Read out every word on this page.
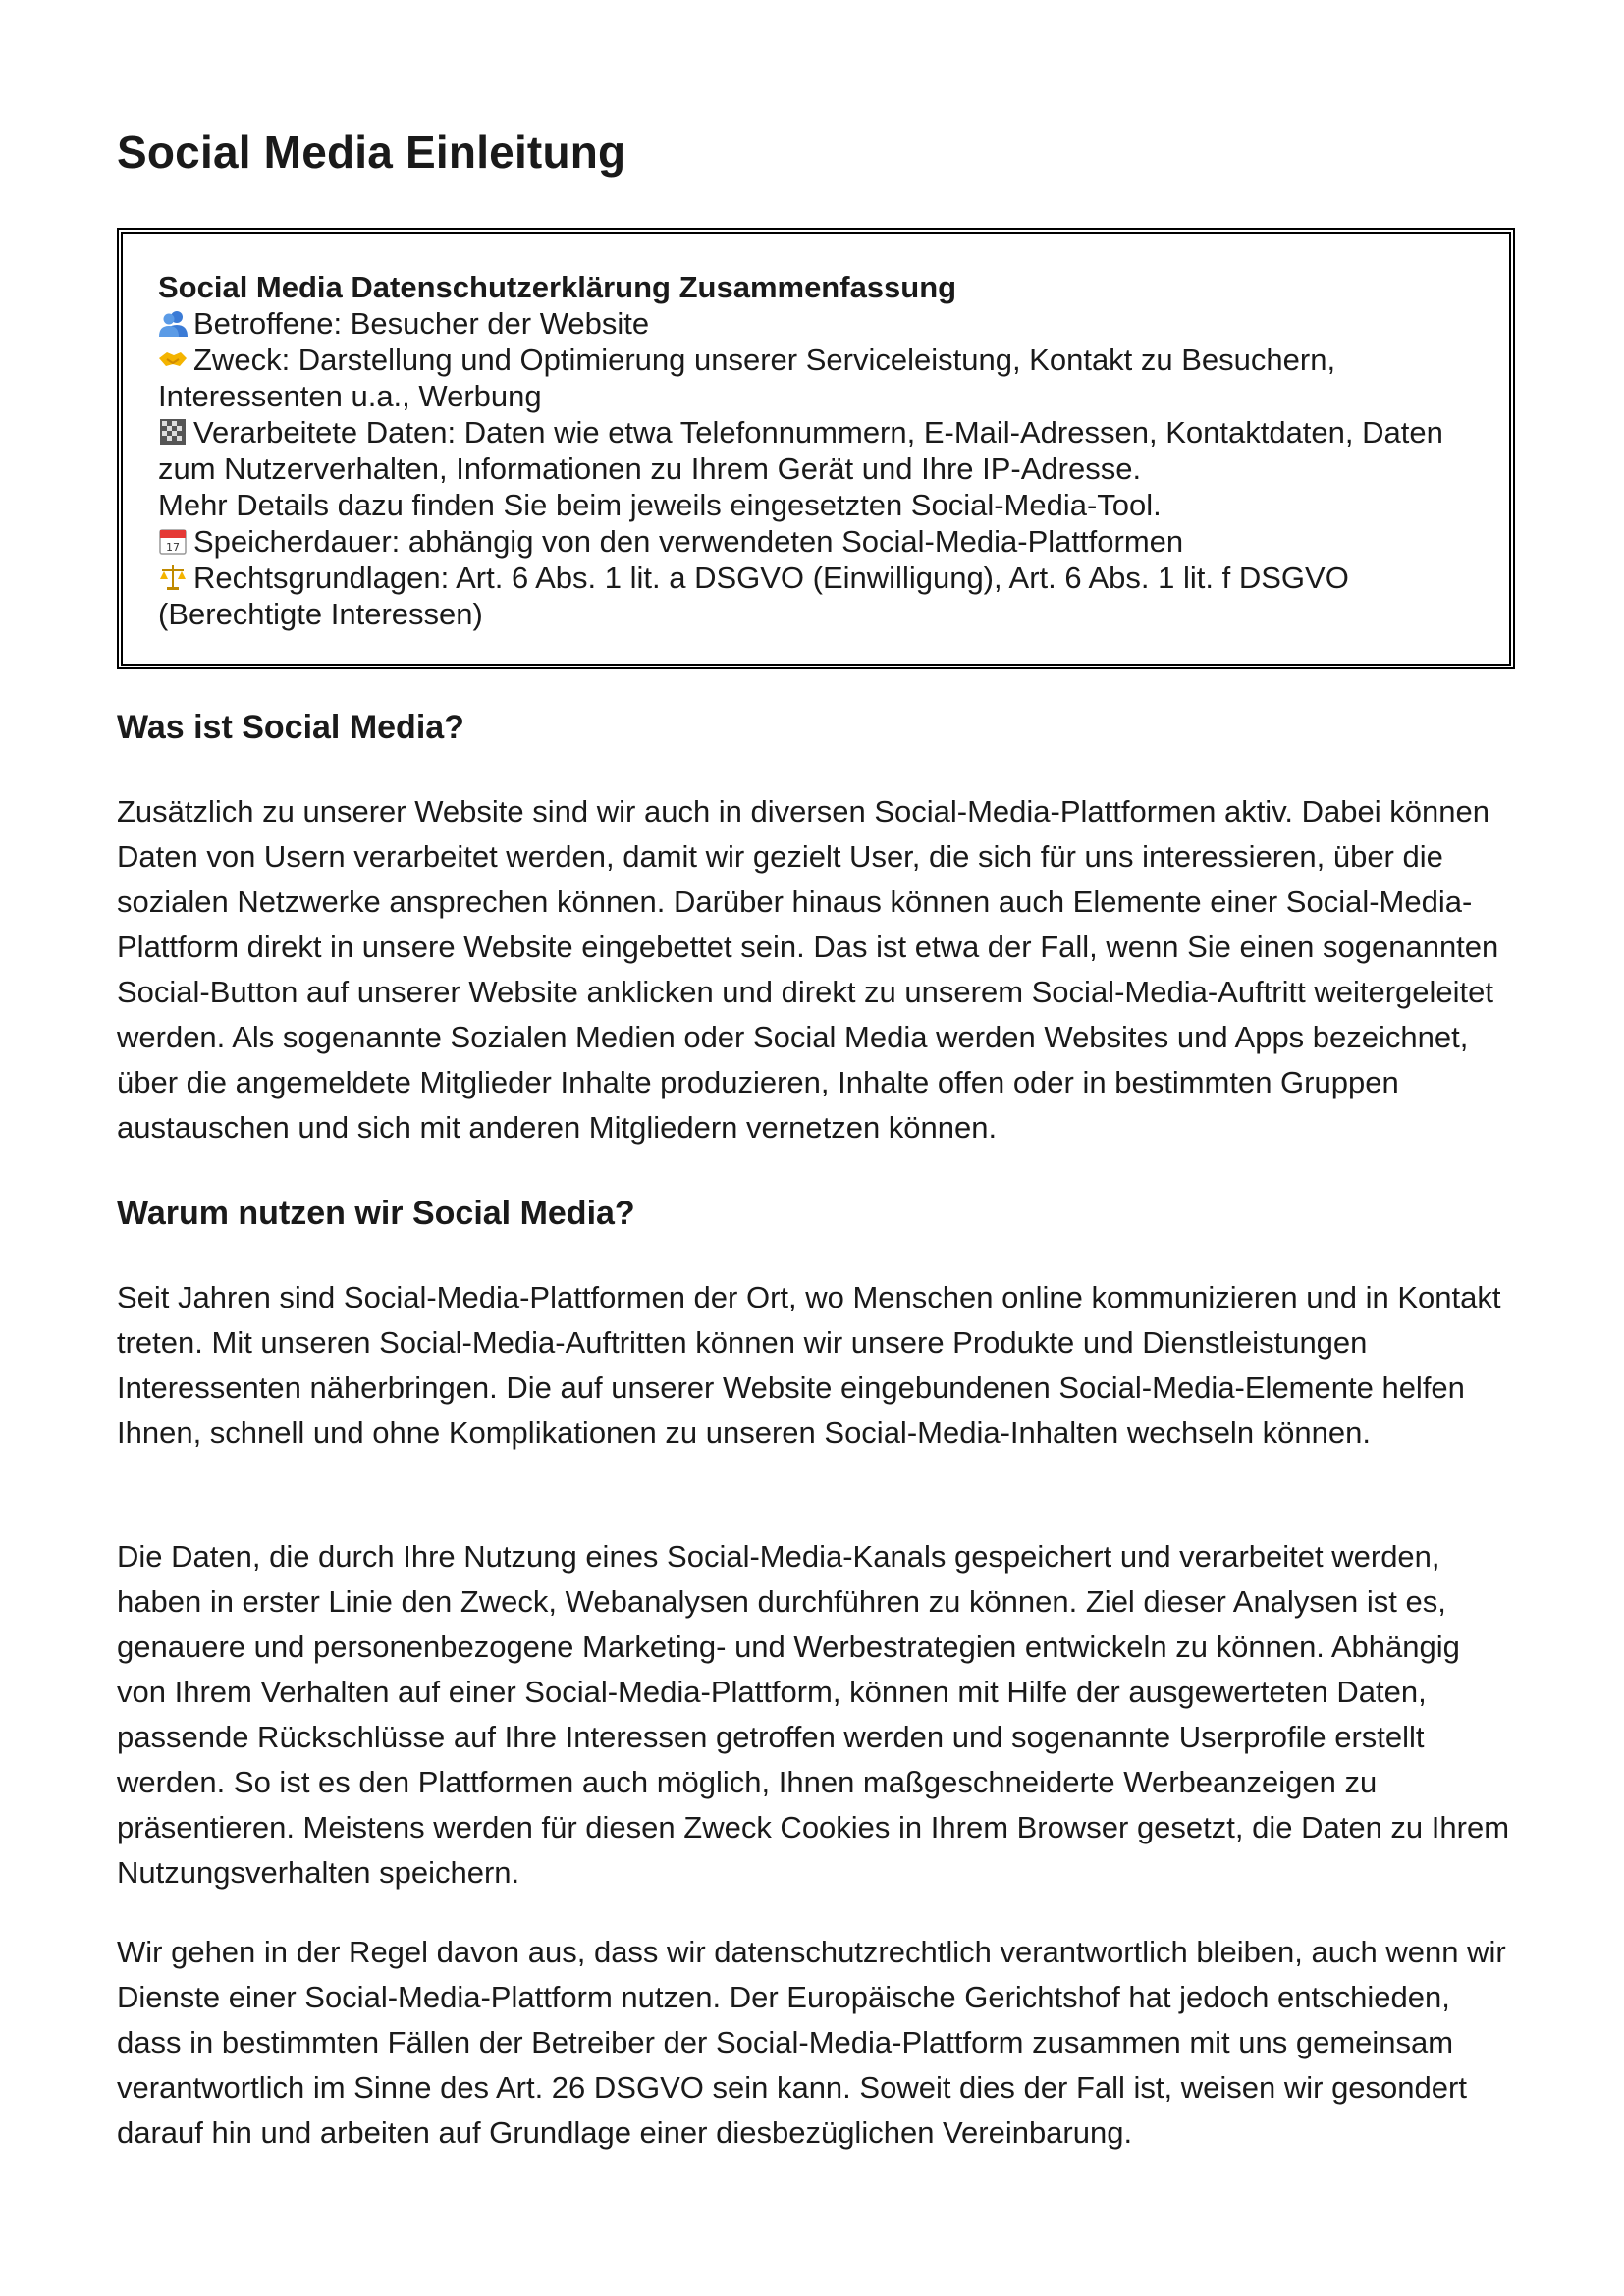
Social Media Einleitung
Social Media Datenschutzerklärung Zusammenfassung
Betroffene: Besucher der Website
Zweck: Darstellung und Optimierung unserer Serviceleistung, Kontakt zu Besuchern, Interessenten u.a., Werbung
Verarbeitete Daten: Daten wie etwa Telefonnummern, E-Mail-Adressen, Kontaktdaten, Daten zum Nutzerverhalten, Informationen zu Ihrem Gerät und Ihre IP-Adresse.
Mehr Details dazu finden Sie beim jeweils eingesetzten Social-Media-Tool.
17 Speicherdauer: abhängig von den verwendeten Social-Media-Plattformen
Rechtsgrundlagen: Art. 6 Abs. 1 lit. a DSGVO (Einwilligung), Art. 6 Abs. 1 lit. f DSGVO (Berechtigte Interessen)
Was ist Social Media?

Zusätzlich zu unserer Website sind wir auch in diversen Social-Media-Plattformen aktiv. Dabei können Daten von Usern verarbeitet werden, damit wir gezielt User, die sich für uns interessieren, über die sozialen Netzwerke ansprechen können. Darüber hinaus können auch Elemente einer Social-Media-Plattform direkt in unsere Website eingebettet sein. Das ist etwa der Fall, wenn Sie einen sogenannten Social-Button auf unserer Website anklicken und direkt zu unserem Social-Media-Auftritt weitergeleitet werden. Als sogenannte Sozialen Medien oder Social Media werden Websites und Apps bezeichnet, über die angemeldete Mitglieder Inhalte produzieren, Inhalte offen oder in bestimmten Gruppen austauschen und sich mit anderen Mitgliedern vernetzen können.

Warum nutzen wir Social Media?

Seit Jahren sind Social-Media-Plattformen der Ort, wo Menschen online kommunizieren und in Kontakt treten. Mit unseren Social-Media-Auftritten können wir unsere Produkte und Dienstleistungen Interessenten näherbringen. Die auf unserer Website eingebundenen Social-Media-Elemente helfen Ihnen, schnell und ohne Komplikationen zu unseren Social-Media-Inhalten wechseln können.

Die Daten, die durch Ihre Nutzung eines Social-Media-Kanals gespeichert und verarbeitet werden, haben in erster Linie den Zweck, Webanalysen durchführen zu können. Ziel dieser Analysen ist es, genauere und personenbezogene Marketing- und Werbestrategien entwickeln zu können. Abhängig von Ihrem Verhalten auf einer Social-Media-Plattform, können mit Hilfe der ausgewerteten Daten, passende Rückschlüsse auf Ihre Interessen getroffen werden und sogenannte Userprofile erstellt werden. So ist es den Plattformen auch möglich, Ihnen maßgeschneiderte Werbeanzeigen zu präsentieren. Meistens werden für diesen Zweck Cookies in Ihrem Browser gesetzt, die Daten zu Ihrem Nutzungsverhalten speichern.

Wir gehen in der Regel davon aus, dass wir datenschutzrechtlich verantwortlich bleiben, auch wenn wir Dienste einer Social-Media-Plattform nutzen. Der Europäische Gerichtshof hat jedoch entschieden, dass in bestimmten Fällen der Betreiber der Social-Media-Plattform zusammen mit uns gemeinsam verantwortlich im Sinne des Art. 26 DSGVO sein kann. Soweit dies der Fall ist, weisen wir gesondert darauf hin und arbeiten auf Grundlage einer diesbezüglichen Vereinbarung.
